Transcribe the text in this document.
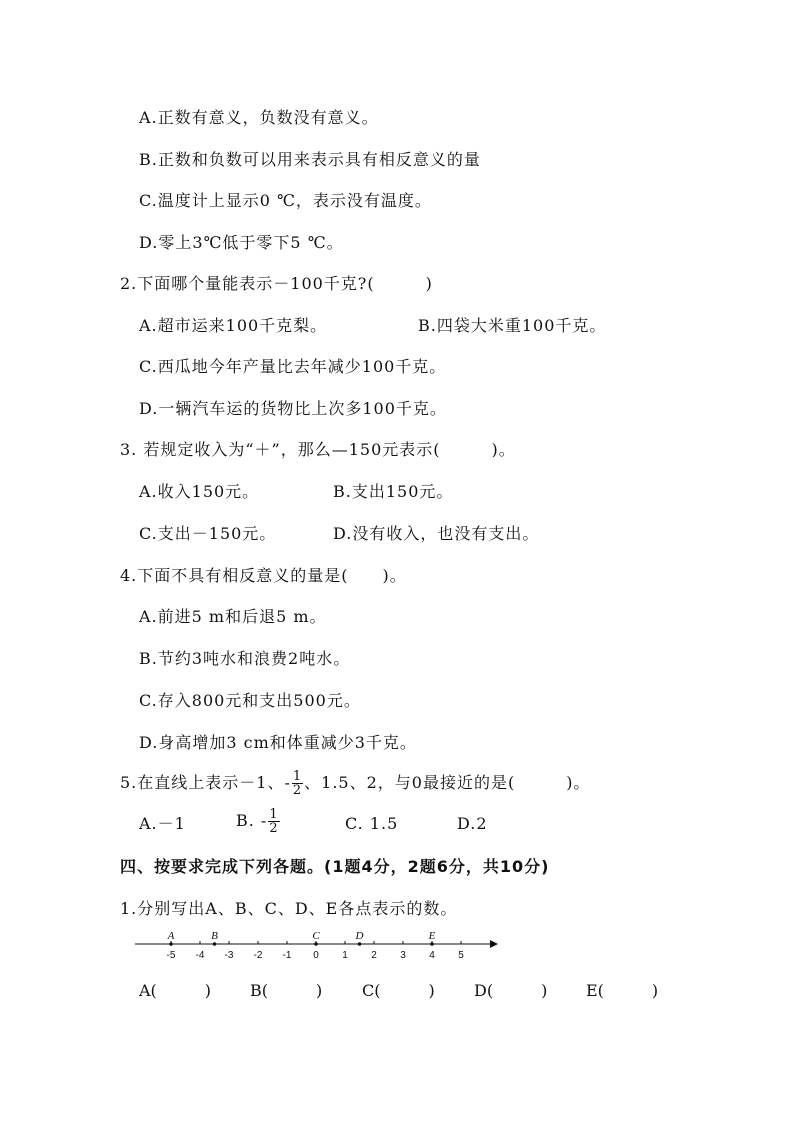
A.正数有意义，负数没有意义。
B.正数和负数可以用来表示具有相反意义的量
C.温度计上显示0 ℃，表示没有温度。
D.零上3℃低于零下5 ℃。
2.下面哪个量能表示－100千克?(　　　)
A.超市运来100千克梨。	B.四袋大米重100千克。
C.西瓜地今年产量比去年减少100千克。
D.一辆汽车运的货物比上次多100千克。
3. 若规定收入为“＋”，那么—150元表示(　　　)。
A.收入150元。	B.支出150元。
C.支出－150元。	D.没有收入，也没有支出。
4.下面不具有相反意义的量是(　　)。
A.前进5 m和后退5 m。
B.节约3吨水和浪费2吨水。
C.存入800元和支出500元。
D.身高增加3 cm和体重减少3千克。
5.在直线上表示－1、- $\frac{1}{2}$ 、1.5、2，与0最接近的是(　　　)。
A.－1	B. - $\frac{1}{2}$	C. 1.5	D.2
四、按要求完成下列各题。(1题4分，2题6分，共10分)
1.分别写出A、B、C、D、E各点表示的数。
-5 -4 -3 -2 -1 0 1 2 3 4 5
A	B	C	D	E
A(　　　) B(　　　) C(　　　) D(　　　) E(　　　)
